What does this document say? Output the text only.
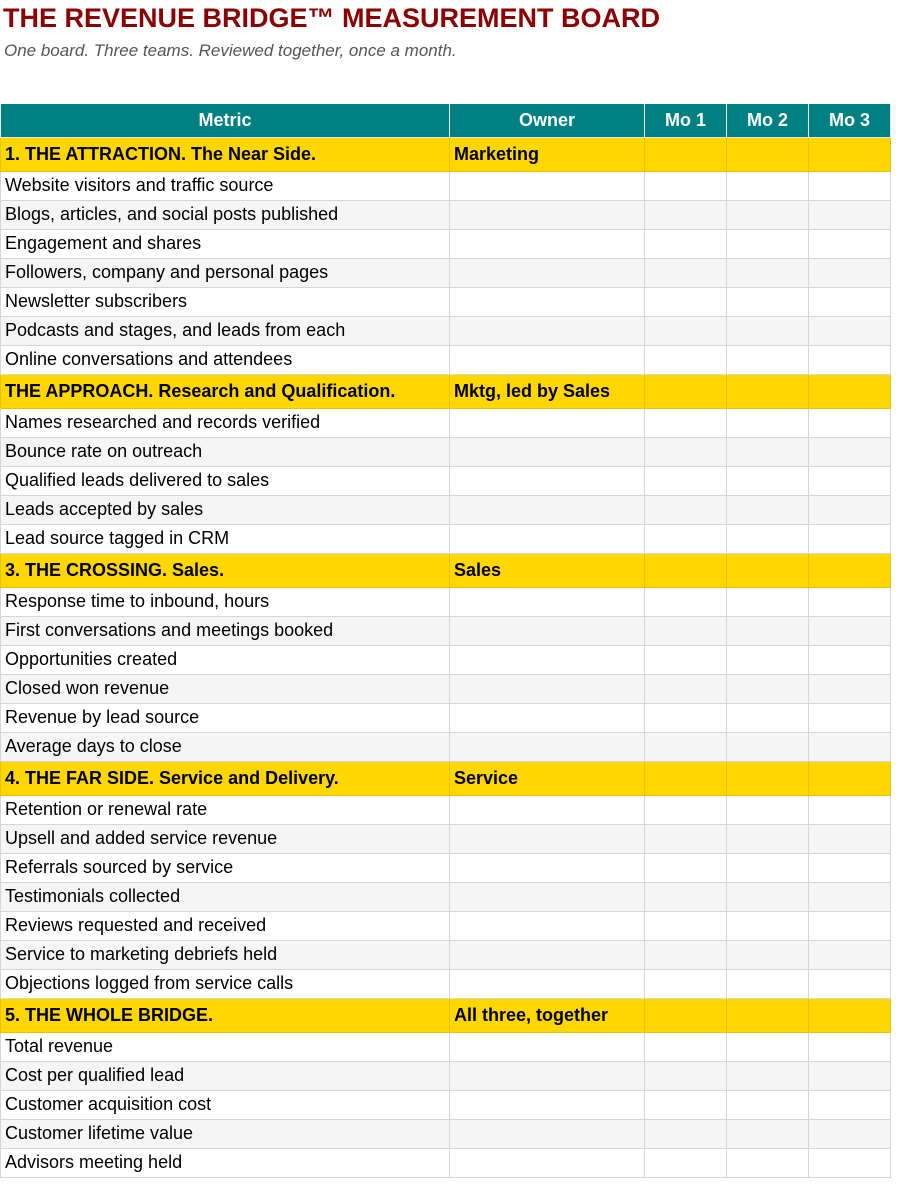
THE REVENUE BRIDGE™ MEASUREMENT BOARD
One board. Three teams. Reviewed together, once a month.
Metric	Owner	Mo 1	Mo 2	Mo 3
1. THE ATTRACTION. The Near Side.	Marketing			
Website visitors and traffic source				
Blogs, articles, and social posts published				
Engagement and shares				
Followers, company and personal pages				
Newsletter subscribers				
Podcasts and stages, and leads from each				
Online conversations and attendees				
THE APPROACH. Research and Qualification.	Mktg, led by Sales			
Names researched and records verified				
Bounce rate on outreach				
Qualified leads delivered to sales				
Leads accepted by sales				
Lead source tagged in CRM				
3. THE CROSSING. Sales.	Sales			
Response time to inbound, hours				
First conversations and meetings booked				
Opportunities created				
Closed won revenue				
Revenue by lead source				
Average days to close				
4. THE FAR SIDE. Service and Delivery.	Service			
Retention or renewal rate				
Upsell and added service revenue				
Referrals sourced by service				
Testimonials collected				
Reviews requested and received				
Service to marketing debriefs held				
Objections logged from service calls				
5. THE WHOLE BRIDGE.	All three, together			
Total revenue				
Cost per qualified lead				
Customer acquisition cost				
Customer lifetime value				
Advisors meeting held				
